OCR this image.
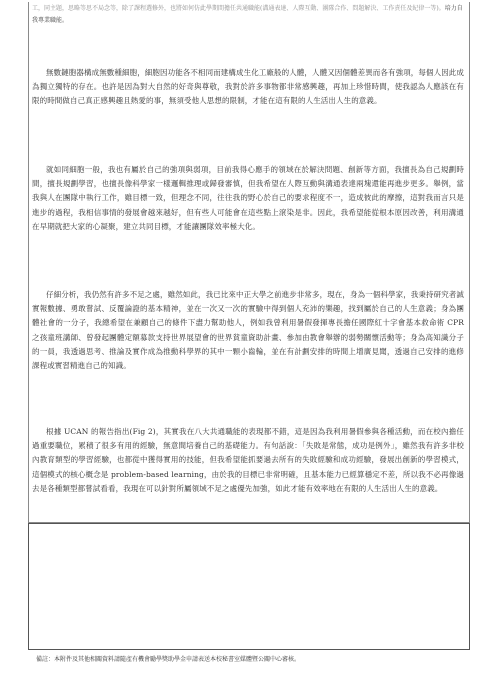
工，同主題，思略等思不局念等，除了課程選修外，也將如何仿此學期間擔任共通職能(溝通表達、人際互動、團隊合作、問題解決、工作責任及紀律一等)。培力自我專業職能。

無數鏈胞器構成無數種細胞，細胞因功能各不相同而建構成生化工廠般的人體，人體又因個體差異而各有強項，每個人因此成為獨立獨特的存在。也許是因為對大自然的好奇與尊敬，我對於許多事物都非常感興趣，再加上珍惜時間，使我認為人應該在有限的時間做自己真正感興趣且熱愛的事，無須受他人思想的限制，才能在這有限的人生活出人生的意義。

就如同細胞一般，我也有屬於自己的強項與弱項，目前我得心應手的領域在於解決問題、創新等方面，我擅長為自己規劃時間，擅長規劃學習，也擅長像科學家一樣邏輯推理或歸發審慎，但我希望在人際互動與溝通表達兩塊還能再進步更多。舉例，當我與人在團隊中執行工作，雖目標一致，但理念不同，往往我的野心於自己的要求程度不一，造成彼此的摩擦，這對我而言只是進步的過程，我相信事情的發展會越來越好，但有些人可能會在這些點上滾染是非。因此，我希望能從根本原因改善，利用溝通在早期就把大家的心凝聚，建立共同目標，才能讓團隊效率極大化。

仔細分析，我仍然有許多不足之處，雖然如此，我已比來中正大學之前進步非常多，現在，身為一個科學家，我秉持研究者誠實報數據、勇敢嘗試、反覆論證的基本精神，並在一次又一次的實驗中得到個人充沛的樂趣，找到屬於自己的人生意義；身為團體社會的一分子，我總希望在兼顧自己的條件下盡力幫助他人，例如我曾利用暑假發揮專長擔任國際紅十字會基本救命術 CPR 之孩童班講師、曾發起團體定額募款支持世界展望會的世界貧童資助計畫、參加由教會舉辦的弱勢關懷活動等；身為高知識分子的一員，我透過思考、推論及實作成為推動科學界的其中一顆小齒輪，並在有計劃安排的時間上增廣見聞，透過自己安排的進修課程或實習精進自己的知識。

根據 UCAN 的報告指出(Fig 2)，其實我在八大共通職能的表現都不錯，這是因為我利用暑假參與各種活動，而在校內擔任過重要職位，累積了很多有用的經驗，無意間培養自己的基礎能力。有句話說：「失敗是常態，成功是例外」，雖然我有許多非校內教育類型的學習經驗，也都從中獲得實用的技能，但我希望能抓要過去所有的失敗經驗和成功經驗，發展出創新的學習模式，這個模式的核心概念是 problem-based learning，由於我的目標已非常明確，且基本能力已經算穩定不差，所以我不必再像過去是各種類型都嘗試看看，我現在可以針對所屬領域不足之處優先加強，如此才能有效率地在有限的人生活出人生的意義。

備註：本附件及其他相關資料請隨產有機會勵學獎助學金申請表送本校秘書室媒體暨公關中心審核。
